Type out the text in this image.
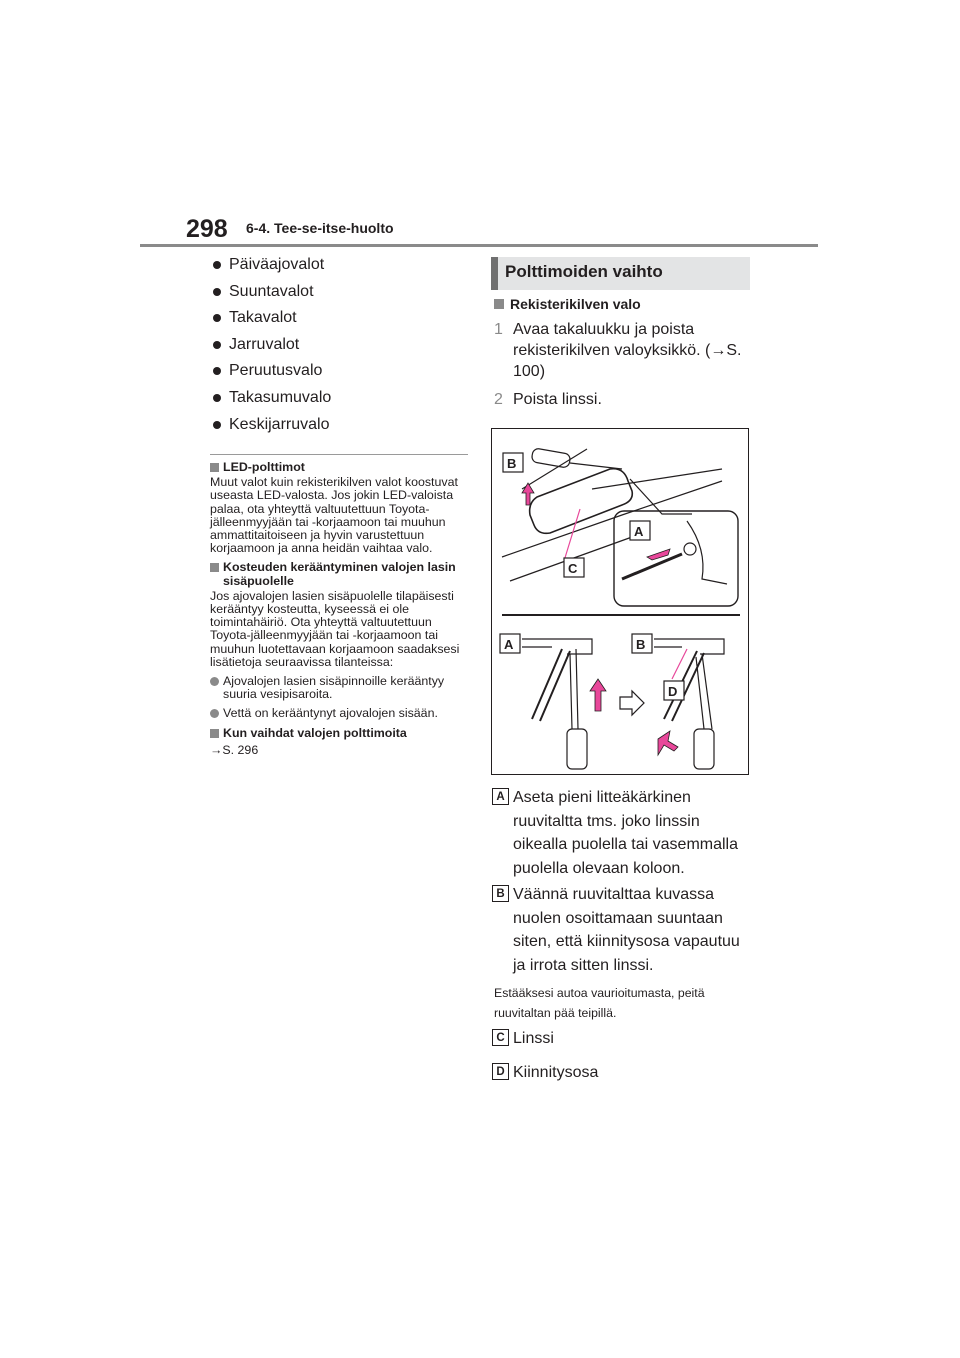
298 6-4. Tee-se-itse-huolto
Päiväajovalot
Suuntavalot
Takavalot
Jarruvalot
Peruutusvalo
Takasumuvalo
Keskijarruvalo
LED-polttimot
Muut valot kuin rekisterikilven valot koostuvat useasta LED-valosta. Jos jokin LED-valoista palaa, ota yhteyttä valtuutettuun Toyota-jälleenmyyjään tai -korjaamoon tai muuhun ammattitaitoiseen ja hyvin varustettuun korjaamoon ja anna heidän vaihtaa valo.
Kosteuden kerääntyminen valojen lasin sisäpuolelle
Jos ajovalojen lasien sisäpuolelle tilapäisesti kerääntyy kosteutta, kyseessä ei ole toimintahäiriö. Ota yhteyttä valtuutettuun Toyota-jälleenmyyjään tai -korjaamoon tai muuhun luotettavaan korjaamoon saadaksesi lisätietoja seuraavissa tilanteissa:
Ajovalojen lasien sisäpinnoille kerääntyy suuria vesipisaroita.
Vettä on kerääntynyt ajovalojen sisään.
Kun vaihdat valojen polttimoita
→S. 296
Polttimoiden vaihto
Rekisterikilven valo
1 Avaa takaluukku ja poista rekisterikilven valoyksikkö. (→S. 100)
2 Poista linssi.
B
A
C
A	B
D
A Aseta pieni litteäkärkinen ruuvitaltta tms. joko linssin oikealla puolella tai vasemmalla puolella olevaan koloon.
B Väännä ruuvitalttaa kuvassa nuolen osoittamaan suuntaan siten, että kiinnitysosa vapautuu ja irrota sitten linssi.
Estääksesi autoa vaurioitumasta, peitä ruuvitaltan pää teipillä.
C Linssi
D Kiinnitysosa
